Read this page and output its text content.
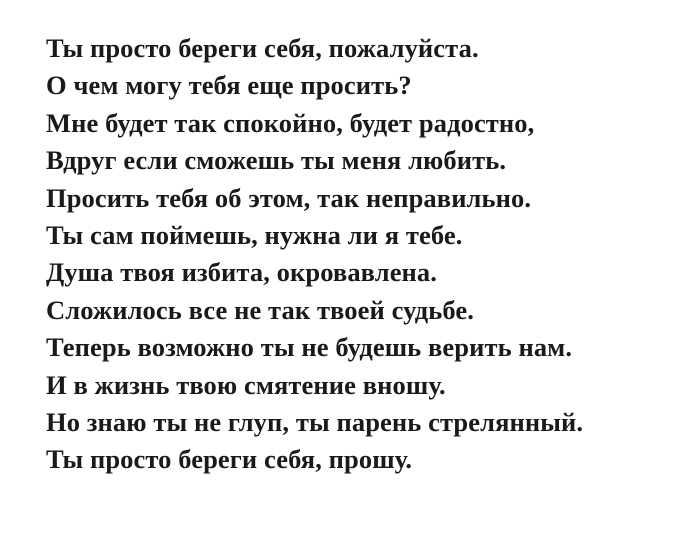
Ты просто береги себя, пожалуйста.
О чем могу тебя еще просить?
Мне будет так спокойно, будет радостно,
Вдруг если сможешь ты меня любить.
Просить тебя об этом, так неправильно.
Ты сам поймешь, нужна ли я тебе.
Душа твоя избита, окровавлена.
Сложилось все не так твоей судьбе.
Теперь возможно ты не будешь верить нам.
И в жизнь твою смятение вношу.
Но знаю ты не глуп, ты парень стрелянный.
Ты просто береги себя, прошу.
